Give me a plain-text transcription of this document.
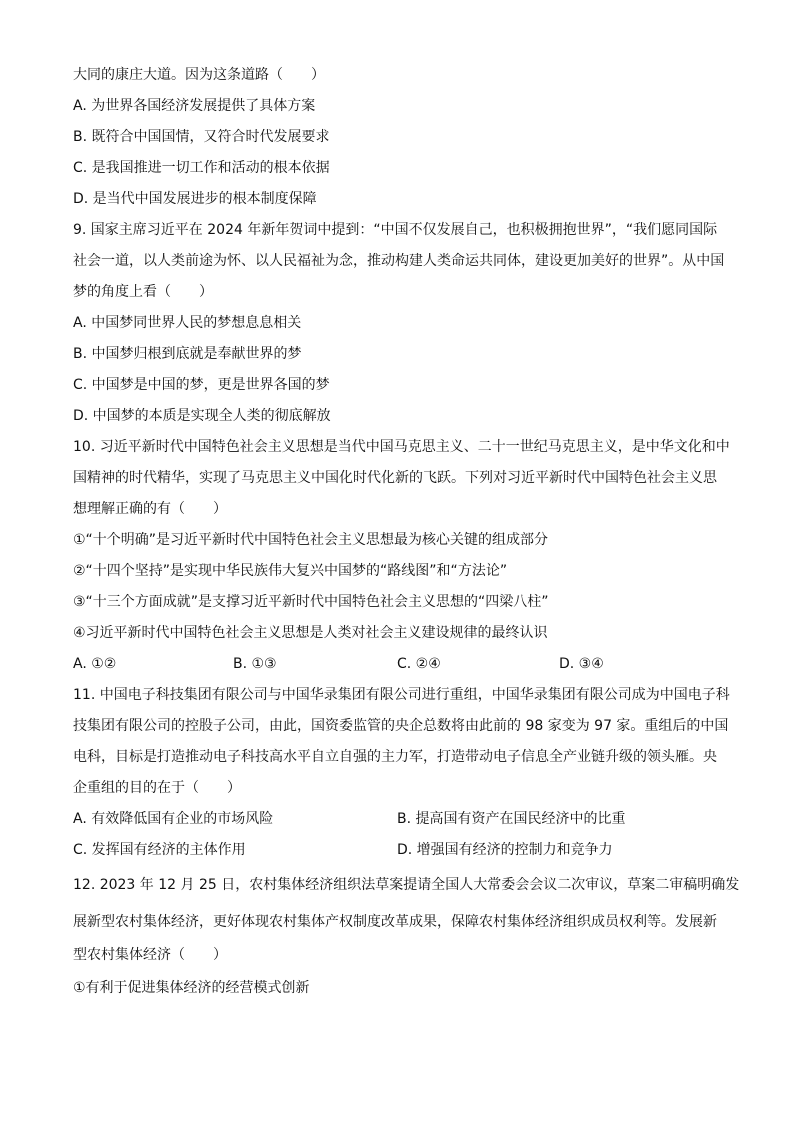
大同的康庄大道。因为这条道路（　　）
A. 为世界各国经济发展提供了具体方案
B. 既符合中国国情，又符合时代发展要求
C. 是我国推进一切工作和活动的根本依据
D. 是当代中国发展进步的根本制度保障
9. 国家主席习近平在 2024 年新年贺词中提到：“中国不仅发展自己，也积极拥抱世界”，“我们愿同国际
社会一道，以人类前途为怀、以人民福祉为念，推动构建人类命运共同体，建设更加美好的世界”。从中国
梦的角度上看（　　）
A. 中国梦同世界人民的梦想息息相关
B. 中国梦归根到底就是奉献世界的梦
C. 中国梦是中国的梦，更是世界各国的梦
D. 中国梦的本质是实现全人类的彻底解放
10. 习近平新时代中国特色社会主义思想是当代中国马克思主义、二十一世纪马克思主义，是中华文化和中
国精神的时代精华，实现了马克思主义中国化时代化新的飞跃。下列对习近平新时代中国特色社会主义思
想理解正确的有（　　）
①“十个明确”是习近平新时代中国特色社会主义思想最为核心关键的组成部分
②“十四个坚持”是实现中华民族伟大复兴中国梦的“路线图”和“方法论”
③“十三个方面成就”是支撑习近平新时代中国特色社会主义思想的“四梁八柱”
④习近平新时代中国特色社会主义思想是人类对社会主义建设规律的最终认识
A. ①②	B. ①③	C. ②④	D. ③④
11. 中国电子科技集团有限公司与中国华录集团有限公司进行重组，中国华录集团有限公司成为中国电子科
技集团有限公司的控股子公司，由此，国资委监管的央企总数将由此前的 98 家变为 97 家。重组后的中国
电科，目标是打造推动电子科技高水平自立自强的主力军，打造带动电子信息全产业链升级的领头雁。央
企重组的目的在于（　　）
A. 有效降低国有企业的市场风险	B. 提高国有资产在国民经济中的比重
C. 发挥国有经济的主体作用	D. 增强国有经济的控制力和竞争力
12. 2023 年 12 月 25 日，农村集体经济组织法草案提请全国人大常委会会议二次审议，草案二审稿明确发
展新型农村集体经济，更好体现农村集体产权制度改革成果，保障农村集体经济组织成员权利等。发展新
型农村集体经济（　　）
①有利于促进集体经济的经营模式创新
